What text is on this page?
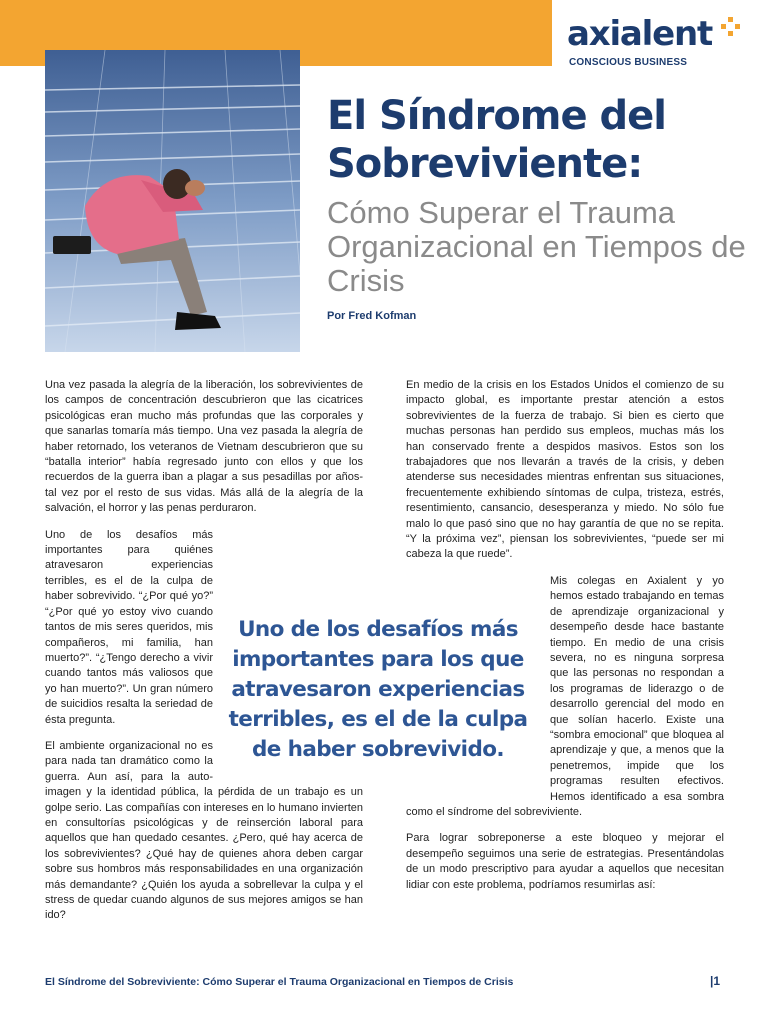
axialent
CONSCIOUS BUSINESS
El Síndrome del Sobreviviente:

Cómo Superar el Trauma Organizacional en Tiempos de Crisis

Por Fred Kofman

Una vez pasada la alegría de la liberación, los sobrevivientes de los campos de concentración descubrieron que las cicatrices psicológicas eran mucho más profundas que las corporales y que sanarlas tomaría más tiempo. Una vez pasada la alegría de haber retornado, los veteranos de Vietnam descubrieron que su “batalla interior” había regresado junto con ellos y que los recuerdos de la guerra iban a plagar a sus pesadillas por años- tal vez por el resto de sus vidas. Más allá de la alegría de la salvación, el horror y las penas perduraron.

Uno de los desafíos más importantes para quiénes atravesaron experiencias terribles, es el de la culpa de haber sobrevivido. “¿Por qué yo?” “¿Por qué yo estoy vivo cuando tantos de mis seres queridos, mis compañeros, mi familia, han muerto?”. “¿Tengo derecho a vivir cuando tantos más valiosos que yo han muerto?”. Un gran número de suicidios resalta la seriedad de ésta pregunta.

El ambiente organizacional no es para nada tan dramático como la guerra. Aun así, para la auto-imagen y la identidad pública, la pérdida de un trabajo es un golpe serio. Las compañías con intereses en lo humano invierten en consultorías psicológicas y de reinserción laboral para aquellos que han quedado cesantes. ¿Pero, qué hay acerca de los sobrevivientes? ¿Qué hay de quienes ahora deben cargar sobre sus hombros más responsabilidades en una organización más demandante? ¿Quién los ayuda a sobrellevar la culpa y el stress de quedar cuando algunos de sus mejores amigos se han ido?

En medio de la crisis en los Estados Unidos el comienzo de su impacto global, es importante prestar atención a estos sobrevivientes de la fuerza de trabajo. Si bien es cierto que muchas personas han perdido sus empleos, muchas más los han conservado frente a despidos masivos. Estos son los trabajadores que nos llevarán a través de la crisis, y deben atenderse sus necesidades mientras enfrentan sus situaciones, frecuentemente exhibiendo síntomas de culpa, tristeza, estrés, resentimiento, cansancio, desesperanza y miedo. No sólo fue malo lo que pasó sino que no hay garantía de que no se repita. “Y la próxima vez”, piensan los sobrevivientes, “puede ser mi cabeza la que ruede”.

Mis colegas en Axialent y yo hemos estado trabajando en temas de aprendizaje organizacional y desempeño desde hace bastante tiempo. En medio de una crisis severa, no es ninguna sorpresa que las personas no respondan a los programas de liderazgo o de desarrollo gerencial del modo en que solían hacerlo. Existe una “sombra emocional” que bloquea al aprendizaje y que, a menos que la penetremos, impide que los programas resulten efectivos. Hemos identificado a esa sombra como el síndrome del sobreviviente.

Para lograr sobreponerse a este bloqueo y mejorar el desempeño seguimos una serie de estrategias. Presentándolas de un modo prescriptivo para ayudar a aquellos que necesitan lidiar con este problema, podríamos resumirlas así:

Uno de los desafíos más importantes para los que atravesaron experiencias terribles, es el de la culpa de haber sobrevivido.
El Síndrome del Sobreviviente: Cómo Superar el Trauma Organizacional en Tiempos de Crisis	|1
